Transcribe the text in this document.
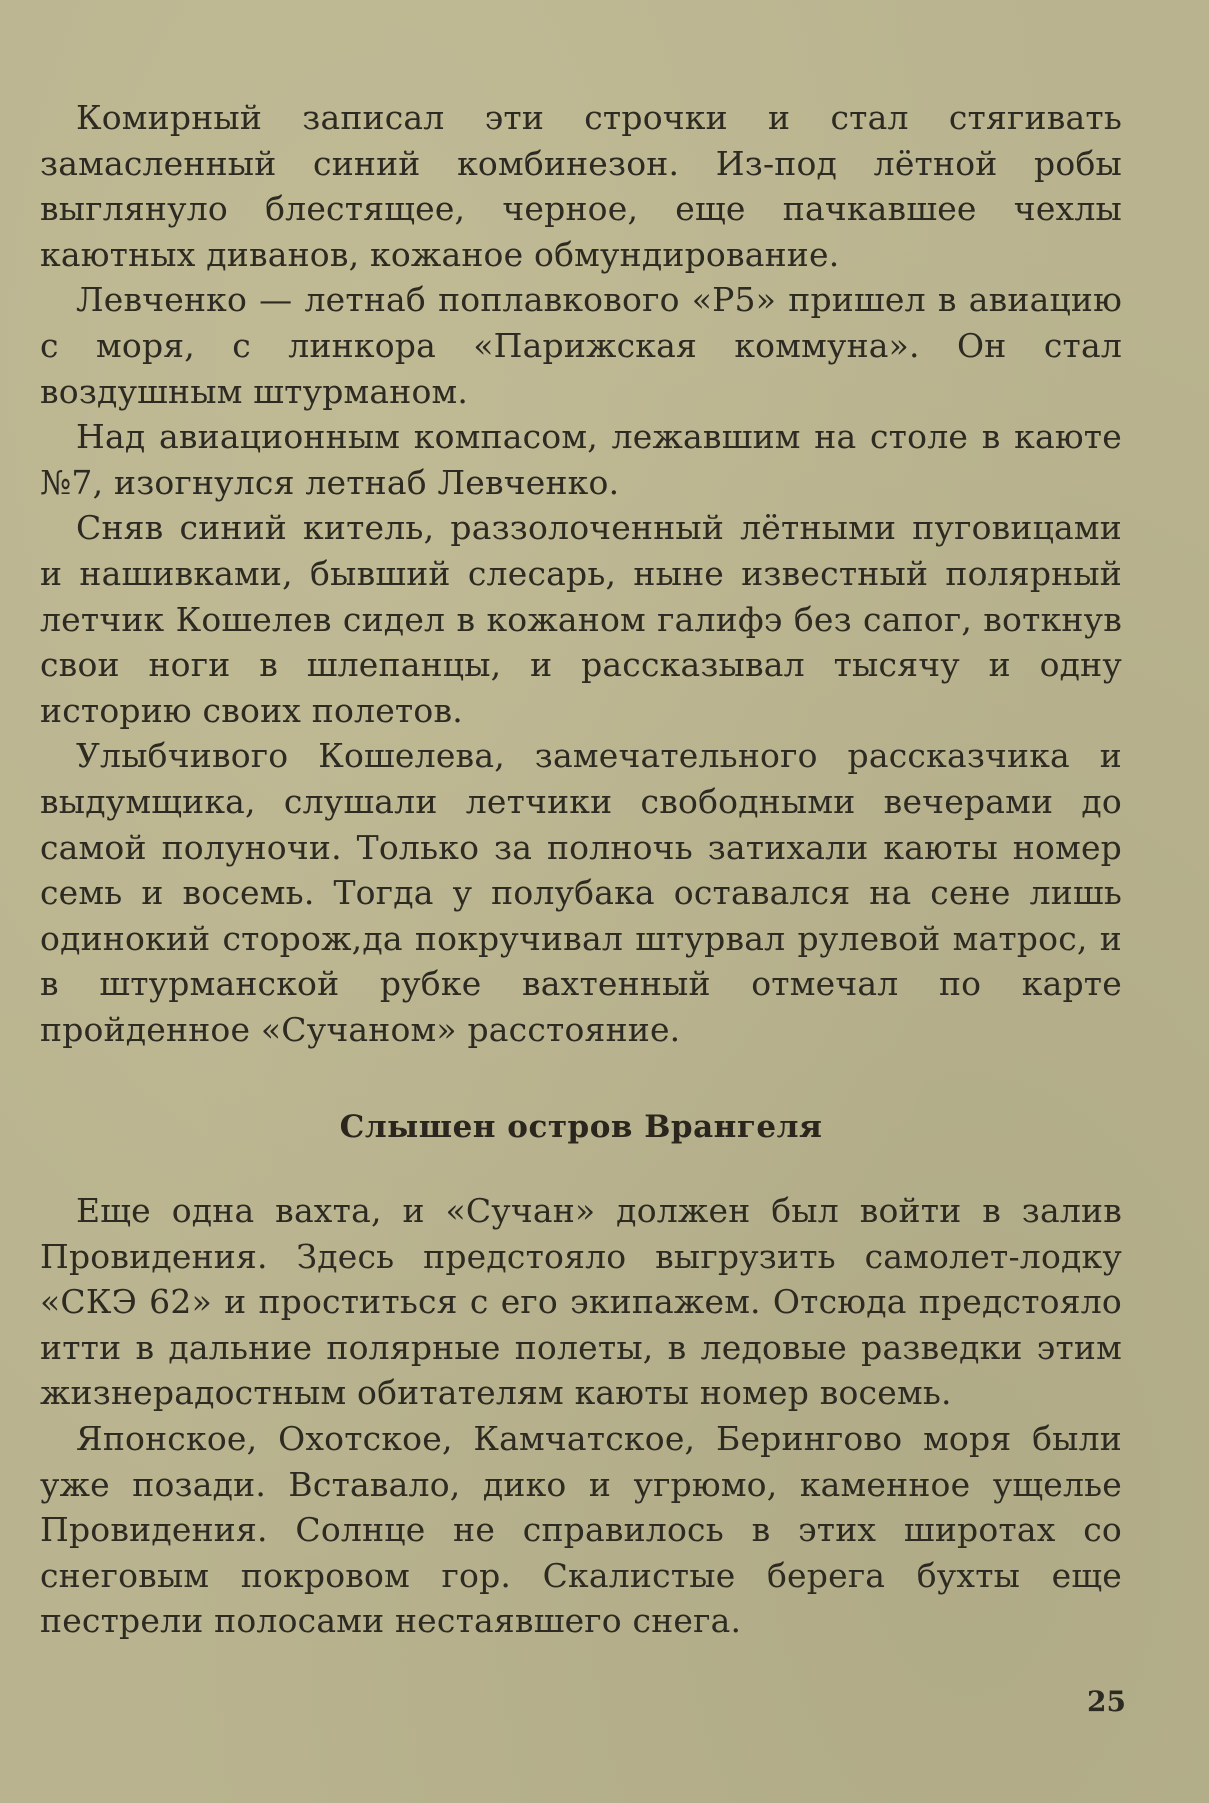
Комирный записал эти строчки и стал стягивать замасленный синий комбинезон. Из-под лётной робы выглянуло блестящее, черное, еще пачкавшее чехлы каютных диванов, кожаное обмундирование.

Левченко — летнаб поплавкового «Р5» пришел в авиацию с моря, с линкора «Парижская коммуна». Он стал воздушным штурманом.

Над авиационным компасом, лежавшим на столе в каюте №7, изогнулся летнаб Левченко.

Сняв синий китель, раззолоченный лётными пуговицами и нашивками, бывший слесарь, ныне известный полярный летчик Кошелев сидел в кожаном галифэ без сапог, воткнув свои ноги в шлепанцы, и рассказывал тысячу и одну историю своих полетов.

Улыбчивого Кошелева, замечательного рассказчика и выдумщика, слушали летчики свободными вечерами до самой полуночи. Только за полночь затихали каюты номер семь и восемь. Тогда у полубака оставался на сене лишь одинокий сторож,да покручивал штурвал рулевой матрос, и в штурманской рубке вахтенный отмечал по карте пройденное «Сучаном» расстояние.

Слышен остров Врангеля

Еще одна вахта, и «Сучан» должен был войти в залив Провидения. Здесь предстояло выгрузить самолет-лодку «СКЭ 62» и проститься с его экипажем. Отсюда предстояло итти в дальние полярные полеты, в ледовые разведки этим жизнерадостным обитателям каюты номер восемь.

Японское, Охотское, Камчатское, Берингово моря были уже позади. Вставало, дико и угрюмо, каменное ущелье Провидения. Солнце не справилось в этих широтах со снеговым покровом гор. Скалистые берега бухты еще пестрели полосами нестаявшего снега.

25
